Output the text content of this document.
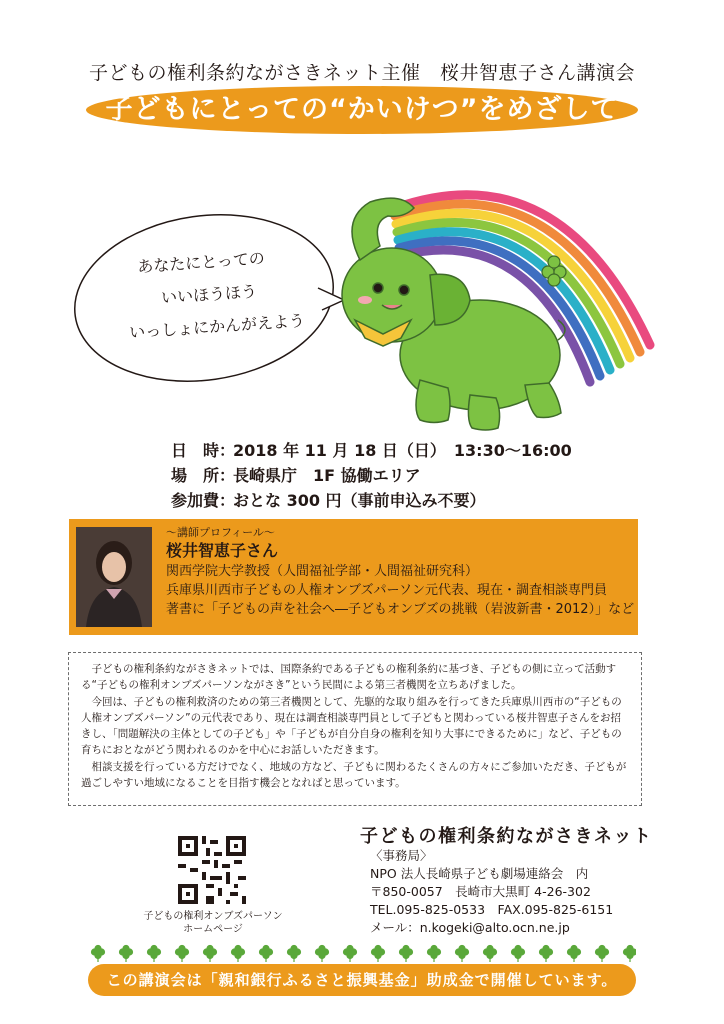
子どもの権利条約ながさきネット主催　桜井智恵子さん講演会
子どもにとっての“かいけつ”をめざして
あなたにとっての
いいほうほう
いっしょにかんがえよう
日　時：2018 年 11 月 18 日（日）　13:30〜16:00
場　所：長崎県庁　1F 協働エリア
参加費：おとな 300 円（事前申込み不要）
〜講師プロフィール〜
桜井智恵子さん
関西学院大学教授（人間福祉学部・人間福祉研究科）
兵庫県川西市子どもの人権オンブズパーソン元代表、現在・調査相談専門員
著書に「子どもの声を社会へ―子どもオンブズの挑戦（岩波新書・2012）」など

子どもの権利条約ながさきネットでは、国際条約である子どもの権利条約に基づき、子どもの側に立って活動する“子どもの権利オンブズパーソンながさき”という民間による第三者機関を立ちあげました。

今回は、子どもの権利救済のための第三者機関として、先駆的な取り組みを行ってきた兵庫県川西市の“子どもの人権オンブズパーソン”の元代表であり、現在は調査相談専門員として子どもと関わっている桜井智恵子さんをお招きし、「問題解決の主体としての子ども」や「子どもが自分自身の権利を知り大事にできるために」など、子どもの育ちにおとながどう関われるのかを中心にお話しいただきます。

相談支援を行っている方だけでなく、地域の方など、子どもに関わるたくさんの方々にご参加いただき、子どもが過ごしやすい地域になることを目指す機会となればと思っています。

子どもの権利オンブズパーソン
ホームページ
子どもの権利条約ながさきネット
〈事務局〉
NPO 法人長崎県子ども劇場連絡会　内
〒850-0057　長崎市大黒町 4-26-302
TEL.095-825-0533　FAX.095-825-6151
メール：n.kogeki@alto.ocn.ne.jp
この講演会は「親和銀行ふるさと振興基金」助成金で開催しています。
